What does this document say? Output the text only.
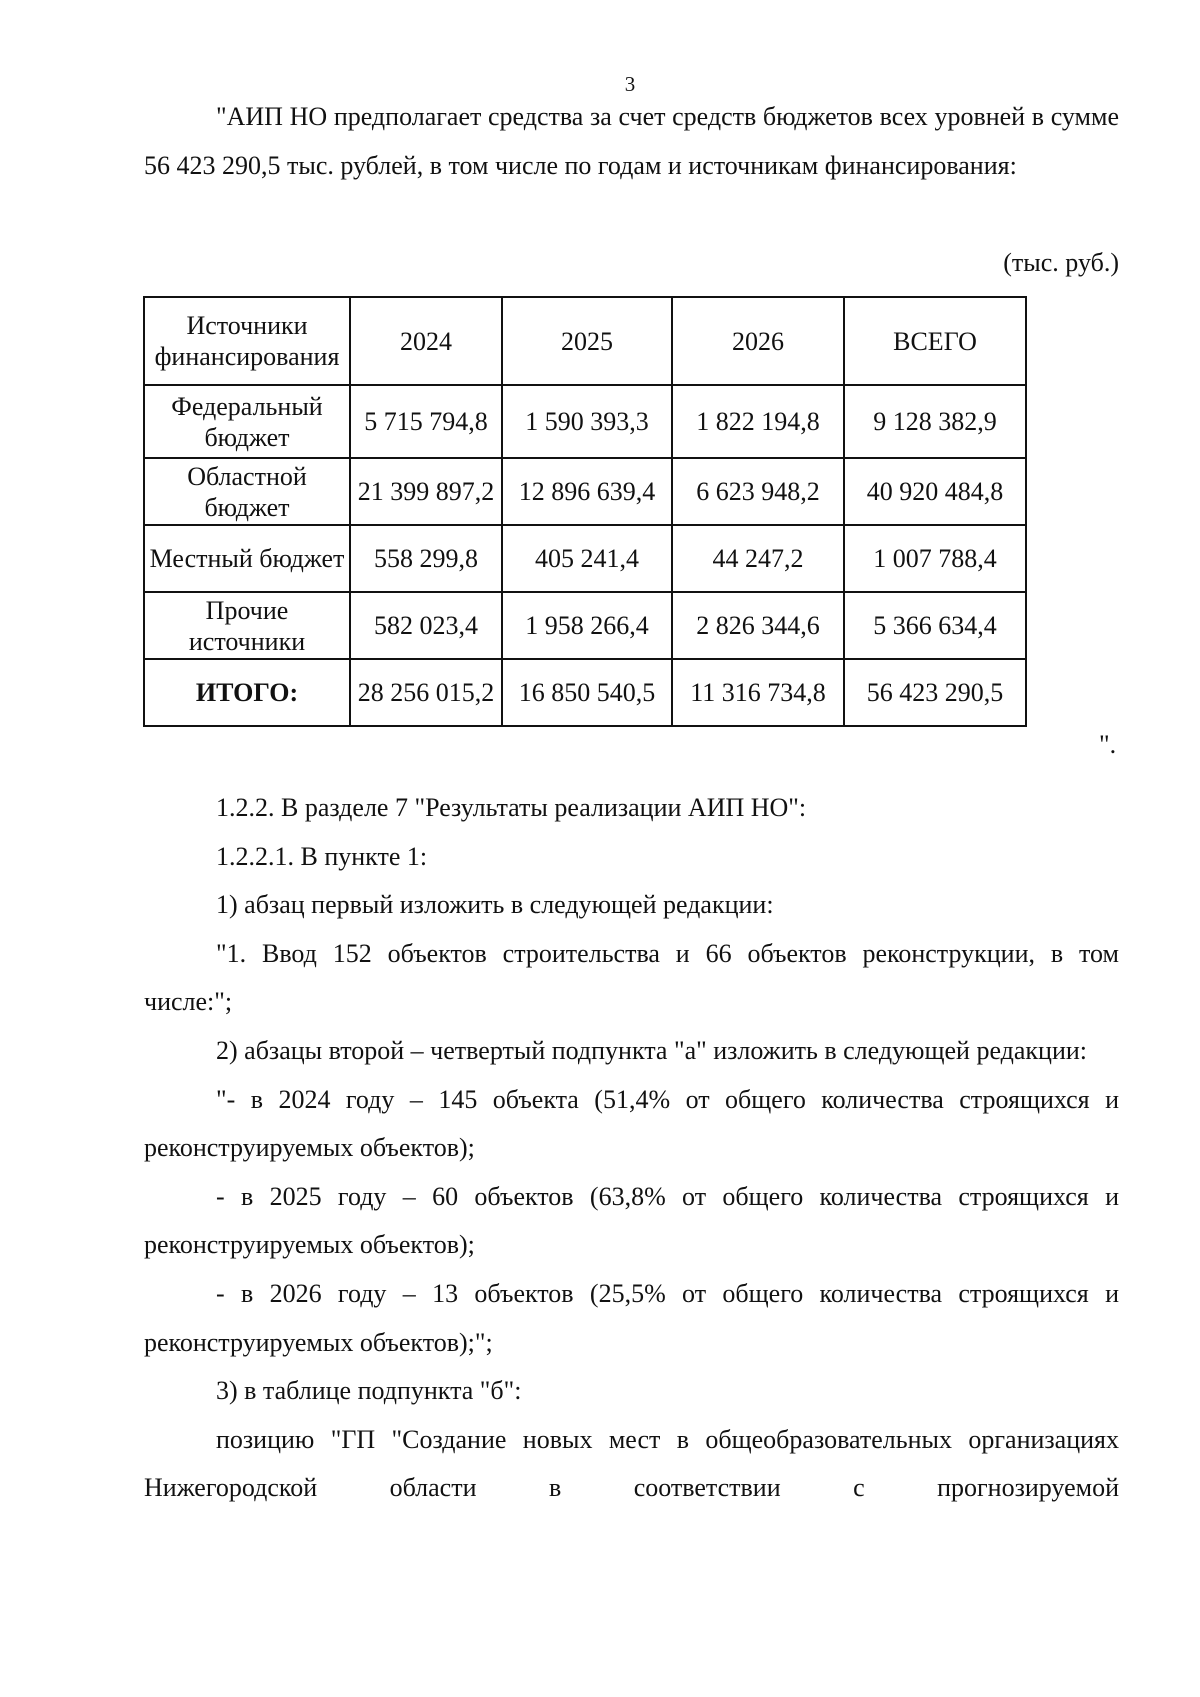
3

"АИП НО предполагает средства за счет средств бюджетов всех уровней в сумме 56 423 290,5 тыс. рублей, в том числе по годам и источникам финансирования:

(тыс. руб.)
Источники финансирования	2024	2025	2026	ВСЕГО
Федеральный бюджет	5 715 794,8	1 590 393,3	1 822 194,8	9 128 382,9
Областной бюджет	21 399 897,2	12 896 639,4	6 623 948,2	40 920 484,8
Местный бюджет	558 299,8	405 241,4	44 247,2	1 007 788,4
Прочие источники	582 023,4	1 958 266,4	2 826 344,6	5 366 634,4
ИТОГО:	28 256 015,2	16 850 540,5	11 316 734,8	56 423 290,5
".

1.2.2. В разделе 7 "Результаты реализации АИП НО":

1.2.2.1. В пункте 1:

1) абзац первый изложить в следующей редакции:

"1. Ввод 152 объектов строительства и 66 объектов реконструкции, в том числе:";

2) абзацы второй – четвертый подпункта "а" изложить в следующей редакции:

"- в 2024 году – 145 объекта (51,4% от общего количества строящихся и реконструируемых объектов);

- в 2025 году – 60 объектов (63,8% от общего количества строящихся и реконструируемых объектов);

- в 2026 году – 13 объектов (25,5% от общего количества строящихся и реконструируемых объектов);";

3) в таблице подпункта "б":

позицию "ГП "Создание новых мест в общеобразовательных организациях Нижегородской области в соответствии с прогнозируемой
